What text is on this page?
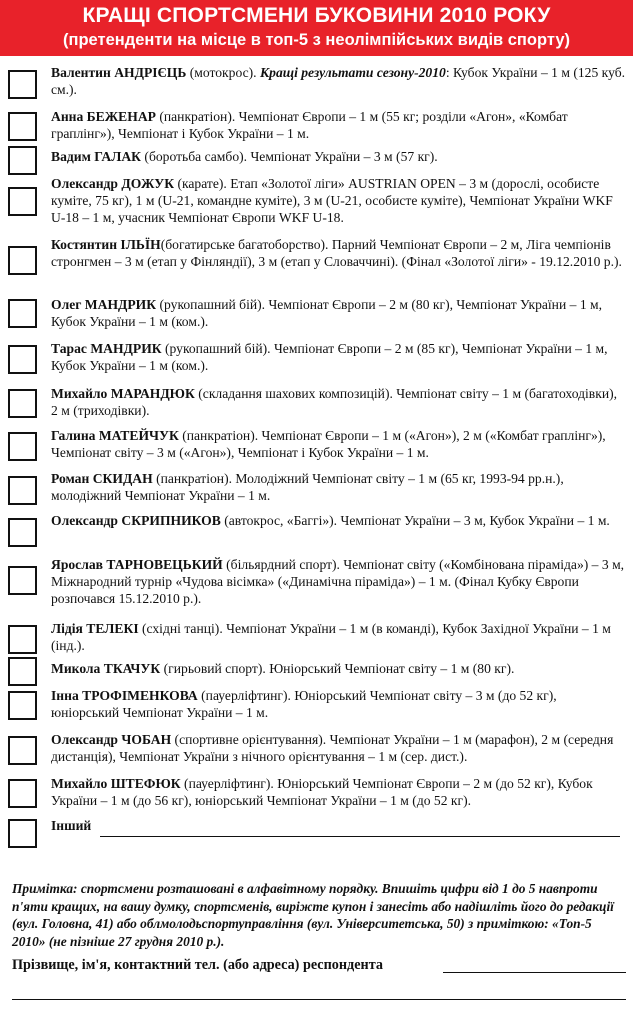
КРАЩІ СПОРТСМЕНИ БУКОВИНИ 2010 РОКУ
(претенденти на місце в топ-5 з неолімпійських видів спорту)
Валентин АНДРІЄЦЬ (мотокрос). Кращі результати сезону-2010: Кубок України – 1 м (125 куб. см.).
Анна БЕЖЕНАР (панкратіон). Чемпіонат Європи – 1 м (55 кг; розділи «Агон», «Комбат граплінг»), Чемпіонат і Кубок України – 1 м.
Вадим ГАЛАК (боротьба самбо). Чемпіонат України – 3 м (57 кг).
Олександр ДОЖУК (карате). Етап «Золотої ліги» AUSTRIAN OPEN – 3 м (дорослі, особисте куміте, 75 кг), 1 м (U-21, командне куміте), 3 м (U-21, особисте куміте), Чемпіонат України WKF U-18 – 1 м, учасник Чемпіонат Європи WKF U-18.
Костянтин ІЛЬЇН(богатирське багатоборство). Парний Чемпіонат Європи – 2 м, Ліга чемпіонів стронгмен – 3 м (етап у Фінляндії), 3 м (етап у Словаччині). (Фінал «Золотої ліги» - 19.12.2010 р.).
Олег МАНДРИК (рукопашний бій). Чемпіонат Європи – 2 м (80 кг), Чемпіонат України – 1 м, Кубок України – 1 м (ком.).
Тарас МАНДРИК (рукопашний бій). Чемпіонат Європи – 2 м (85 кг), Чемпіонат України – 1 м, Кубок України – 1 м (ком.).
Михайло МАРАНДЮК (складання шахових композицій). Чемпіонат світу – 1 м (багатоходівки), 2 м (триходівки).
Галина МАТЕЙЧУК (панкратіон). Чемпіонат Європи – 1 м («Агон»), 2 м («Комбат граплінг»), Чемпіонат світу – 3 м («Агон»), Чемпіонат і Кубок України – 1 м.
Роман СКИДАН (панкратіон). Молодіжний Чемпіонат світу – 1 м (65 кг, 1993-94 рр.н.), молодіжний Чемпіонат України – 1 м.
Олександр СКРИПНИКОВ (автокрос, «Баггі»). Чемпіонат України – 3 м, Кубок України – 1 м.
Ярослав ТАРНОВЕЦЬКИЙ (більярдний спорт). Чемпіонат світу («Комбінована піраміда») – 3 м, Міжнародний турнір «Чудова вісімка» («Динамічна піраміда») – 1 м. (Фінал Кубку Європи розпочався 15.12.2010 р.).
Лідія ТЕЛЕКІ (східні танці). Чемпіонат України – 1 м (в команді), Кубок Західної України – 1 м (інд.).
Микола ТКАЧУК (гирьовий спорт). Юніорський Чемпіонат світу – 1 м (80 кг).
Інна ТРОФІМЕНКОВА (пауерліфтинг). Юніорський Чемпіонат світу – 3 м (до 52 кг), юніорський Чемпіонат України – 1 м.
Олександр ЧОБАН (спортивне орієнтування). Чемпіонат України – 1 м (марафон), 2 м (середня дистанція), Чемпіонат України з нічного орієнтування – 1 м (сер. дист.).
Михайло ШТЕФЮК (пауерліфтинг). Юніорський Чемпіонат Європи – 2 м (до 52 кг), Кубок України – 1 м (до 56 кг), юніорський Чемпіонат України – 1 м (до 52 кг).
Інший
Примітка: спортсмени розташовані в алфавітному порядку. Впишіть цифри від 1 до 5 навпроти п'яти кращих, на вашу думку, спортсменів, виріжте купон і занесіть або надішліть його до редакції (вул. Головна, 41) або облмолодьспортуправління (вул. Університетська, 50) з приміткою: «Топ-5 2010» (не пізніше 27 грудня 2010 р.).
Прізвище, ім'я, контактний тел. (або адреса) респондента
